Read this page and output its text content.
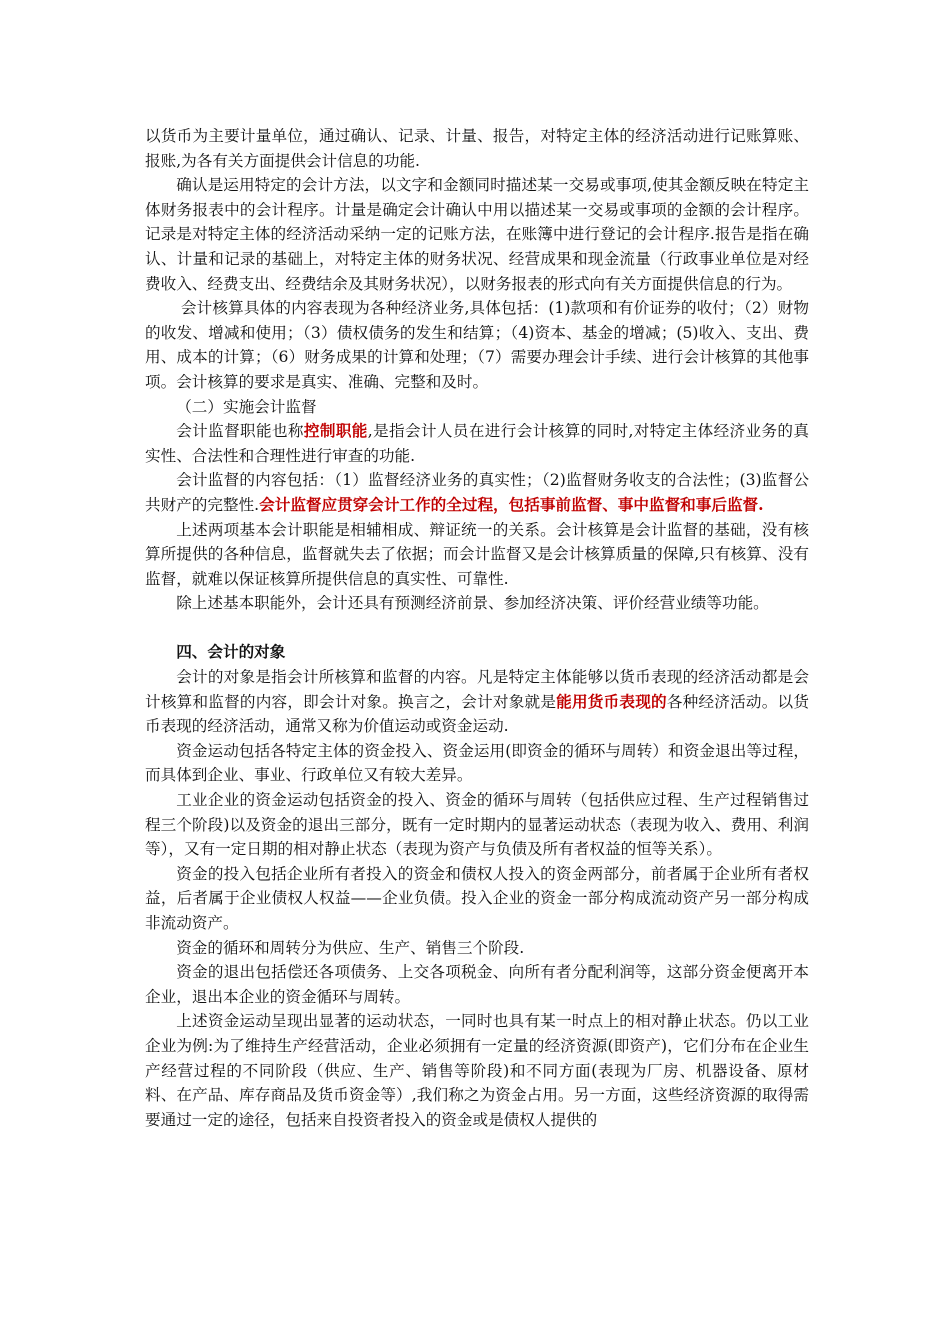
以货币为主要计量单位，通过确认、记录、计量、报告，对特定主体的经济活动进行记账算账、报账,为各有关方面提供会计信息的功能.

确认是运用特定的会计方法，以文字和金额同时描述某一交易或事项,使其金额反映在特定主体财务报表中的会计程序。计量是确定会计确认中用以描述某一交易或事项的金额的会计程序。记录是对特定主体的经济活动采纳一定的记账方法，在账簿中进行登记的会计程序.报告是指在确认、计量和记录的基础上，对特定主体的财务状况、经营成果和现金流量（行政事业单位是对经费收入、经费支出、经费结余及其财务状况），以财务报表的形式向有关方面提供信息的行为。

会计核算具体的内容表现为各种经济业务,具体包括：(1)款项和有价证券的收付；（2）财物的收发、增减和使用；（3）债权债务的发生和结算；（4)资本、基金的增减；(5)收入、支出、费用、成本的计算；（6）财务成果的计算和处理；（7）需要办理会计手续、进行会计核算的其他事项。会计核算的要求是真实、准确、完整和及时。

（二）实施会计监督

会计监督职能也称控制职能,是指会计人员在进行会计核算的同时,对特定主体经济业务的真实性、合法性和合理性进行审查的功能.

会计监督的内容包括：（1）监督经济业务的真实性；（2)监督财务收支的合法性；(3)监督公共财产的完整性.会计监督应贯穿会计工作的全过程，包括事前监督、事中监督和事后监督.

上述两项基本会计职能是相辅相成、辩证统一的关系。会计核算是会计监督的基础，没有核算所提供的各种信息，监督就失去了依据；而会计监督又是会计核算质量的保障,只有核算、没有监督，就难以保证核算所提供信息的真实性、可靠性.

除上述基本职能外，会计还具有预测经济前景、参加经济决策、评价经营业绩等功能。

四、会计的对象

会计的对象是指会计所核算和监督的内容。凡是特定主体能够以货币表现的经济活动都是会计核算和监督的内容，即会计对象。换言之，会计对象就是能用货币表现的各种经济活动。以货币表现的经济活动，通常又称为价值运动或资金运动.

资金运动包括各特定主体的资金投入、资金运用(即资金的循环与周转）和资金退出等过程，而具体到企业、事业、行政单位又有较大差异。

工业企业的资金运动包括资金的投入、资金的循环与周转（包括供应过程、生产过程销售过程三个阶段)以及资金的退出三部分，既有一定时期内的显著运动状态（表现为收入、费用、利润等），又有一定日期的相对静止状态（表现为资产与负债及所有者权益的恒等关系）。

资金的投入包括企业所有者投入的资金和债权人投入的资金两部分，前者属于企业所有者权益，后者属于企业债权人权益——企业负债。投入企业的资金一部分构成流动资产另一部分构成非流动资产。

资金的循环和周转分为供应、生产、销售三个阶段.

资金的退出包括偿还各项债务、上交各项税金、向所有者分配利润等，这部分资金便离开本企业，退出本企业的资金循环与周转。

上述资金运动呈现出显著的运动状态，一同时也具有某一时点上的相对静止状态。仍以工业企业为例:为了维持生产经营活动，企业必须拥有一定量的经济资源(即资产)，它们分布在企业生产经营过程的不同阶段（供应、生产、销售等阶段)和不同方面(表现为厂房、机器设备、原材料、在产品、库存商品及货币资金等）,我们称之为资金占用。另一方面，这些经济资源的取得需要通过一定的途径，包括来自投资者投入的资金或是债权人提供的
